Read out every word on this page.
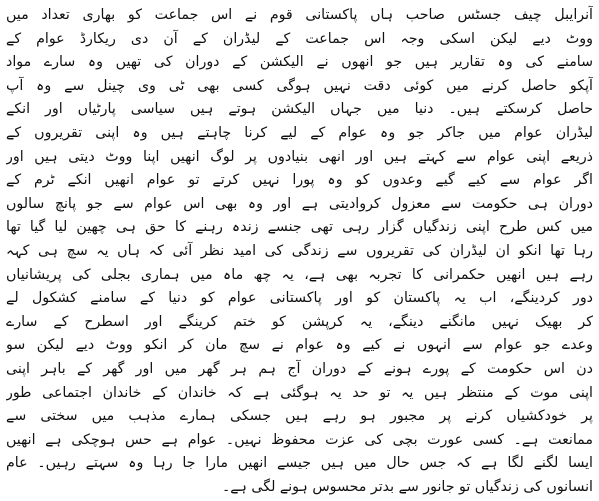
آنرایبل چیف جسٹس صاحب ہاں پاکستانی قوم نے اس جماعت کو بھاری تعداد میں
ووٹ دیے لیکن اسکی وجہ اس جماعت کے لیڈران کے آن دی ریکارڈ عوام کے
سامنے کی وہ تقاریر ہیں جو انھوں نے الیکشن کے دوران کی تھیں وہ سارے مواد
آپکو حاصل کرنے میں کوئی دقت نہیں ہوگی کسی بھی ٹی وی چینل سے وہ آپ
حاصل کرسکتے ہیں۔ دنیا میں جہاں الیکشن ہوتے ہیں سیاسی پارٹیاں اور انکے
لیڈران عوام میں جاکر جو وہ عوام کے لیے کرنا چاہتے ہیں وہ اپنی تقریروں کے
ذریعے اپنی عوام سے کہتے ہیں اور انھی بنیادوں پر لوگ انھیں اپنا ووٹ دیتی ہیں اور
اگر عوام سے کیے گیے وعدوں کو وہ پورا نہیں کرتے تو عوام انھیں انکے ٹرم کے
دوران ہی حکومت سے معزول کروادیتی ہے اور وہ بھی اس عوام سے جو پانچ سالوں
میں کس طرح اپنی زندگیاں گزار رہی تھی جنسے زندہ رہنے کا حق ہی چھین لیا گیا تھا
رہا تھا انکو ان لیڈران کی تقریروں سے زندگی کی امید نظر آئی کہ ہاں یہ سچ ہی کہہ
رہے ہیں انھیں حکمرانی کا تجربہ بھی ہے، یہ چھ ماہ میں ہماری بجلی کی پریشانیاں
دور کردینگے، اب یہ پاکستان کو اور پاکستانی عوام کو دنیا کے سامنے کشکول لے
کر بھیک نہیں مانگنے دینگے، یہ کرپشن کو ختم کرینگے اور اسطرح کے سارے
وعدے جو عوام سے انہوں نے کیے وہ عوام نے سچ مان کر انکو ووٹ دیے لیکن سو
دن اس حکومت کے پورے ہونے کے دوران آج ہم ہر گھر میں اور گھر کے باہر اپنی
اپنی موت کے منتظر ہیں یہ تو حد یہ ہوگئی ہے کہ خاندان کے خاندان اجتماعی طور
پر خودکشیاں کرنے پر مجبور ہو رہے ہیں جسکی ہمارے مذہب میں سختی سے
ممانعت ہے۔ کسی عورت بچی کی عزت محفوظ نہیں۔ عوام ہے حس ہوچکی ہے انھیں
ایسا لگنے لگا ہے کہ جس حال میں ہیں جیسے انھیں مارا جا رہا وہ سہتے رہیں۔ عام
انسانوں کی زندگیاں تو جانور سے بدتر محسوس ہونے لگی ہے۔
